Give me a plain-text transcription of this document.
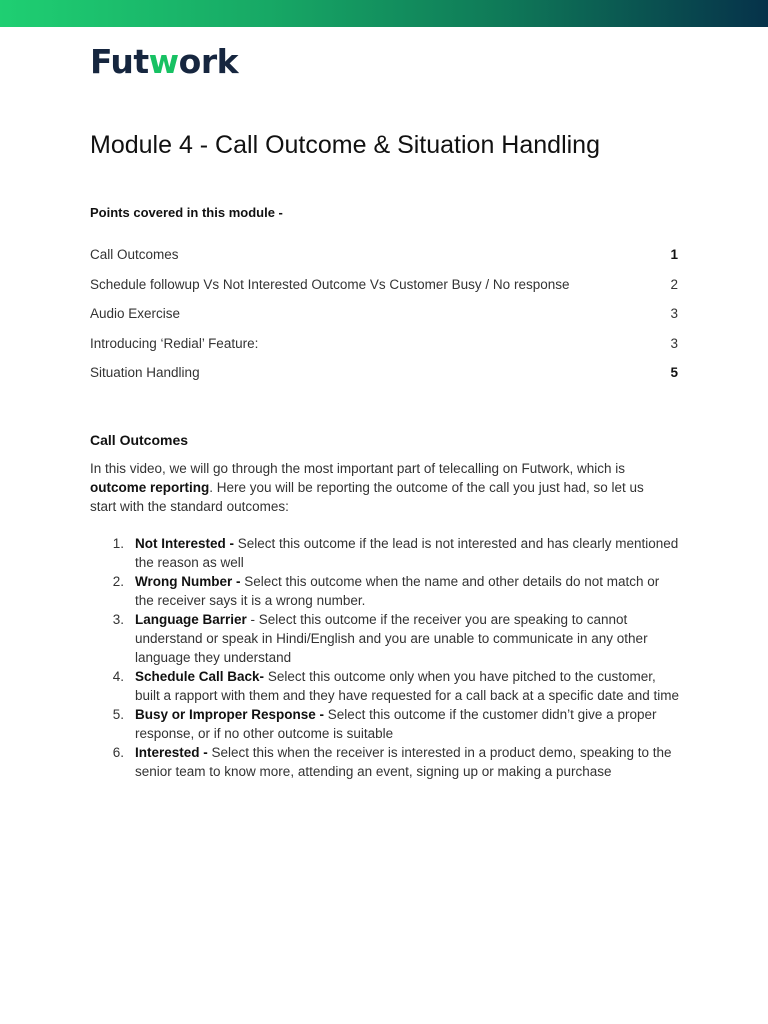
Futwork
Module 4 - Call Outcome & Situation Handling
Points covered in this module -
Call Outcomes	1
Schedule followup Vs Not Interested Outcome Vs Customer Busy / No response	2
Audio Exercise	3
Introducing ‘Redial’ Feature:	3
Situation Handling	5
Call Outcomes

In this video, we will go through the most important part of telecalling on Futwork, which is outcome reporting. Here you will be reporting the outcome of the call you just had, so let us start with the standard outcomes:

1. Not Interested - Select this outcome if the lead is not interested and has clearly mentioned the reason as well
2. Wrong Number - Select this outcome when the name and other details do not match or the receiver says it is a wrong number.
3. Language Barrier - Select this outcome if the receiver you are speaking to cannot understand or speak in Hindi/English and you are unable to communicate in any other language they understand
4. Schedule Call Back- Select this outcome only when you have pitched to the customer, built a rapport with them and they have requested for a call back at a specific date and time
5. Busy or Improper Response - Select this outcome if the customer didn’t give a proper response, or if no other outcome is suitable
6. Interested - Select this when the receiver is interested in a product demo, speaking to the senior team to know more, attending an event, signing up or making a purchase
